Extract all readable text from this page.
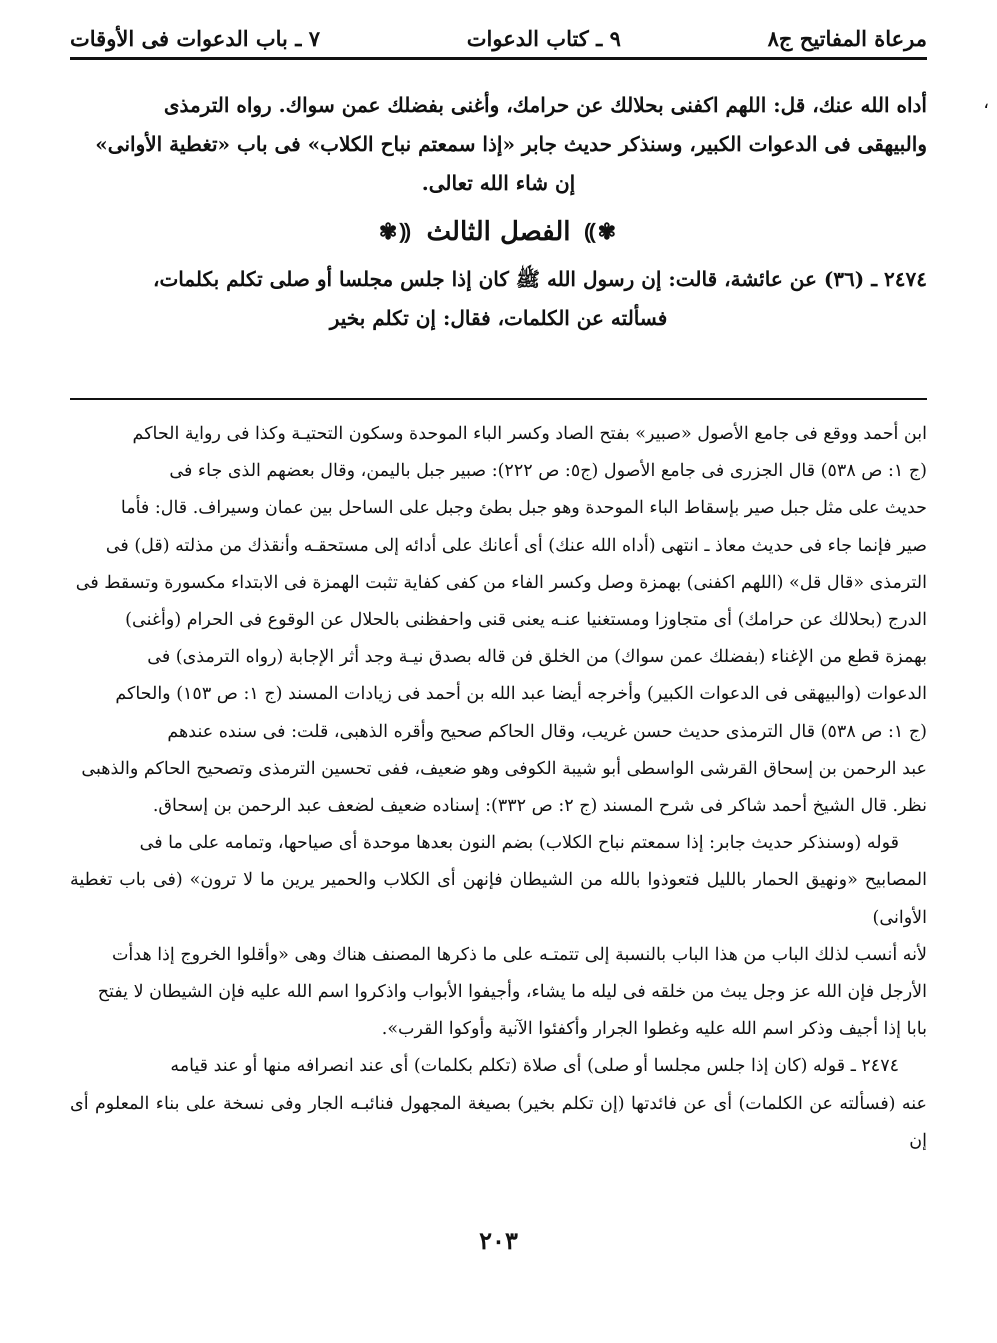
مرعاة المفاتيح ج٨
٩ ـ كتاب الدعوات
٧ ـ باب الدعوات فى الأوقات
،

أداه الله عنك، قل: اللهم اكفنى بحلالك عن حرامك، وأغنى بفضلك عمن سواك. رواه الترمذى

والبيهقى فى الدعوات الكبير، وسنذكر حديث جابر «إذا سمعتم نباح الكلاب» فى باب «تغطية الأوانى»

إن شاء الله تعالى.

✾⸩
الفصل الثالث
⸨✾

٢٤٧٤ ـ (٣٦) عن عائشة، قالت: إن رسول الله ﷺ كان إذا جلس مجلسا أو صلى تكلم بكلمات،

فسألته عن الكلمات، فقال: إن تكلم بخير

ابن أحمد ووقع فى جامع الأصول «صبير» بفتح الصاد وكسر الباء الموحدة وسكون التحتيـة وكذا فى رواية الحاكم

(ج ١: ص ٥٣٨) قال الجزرى فى جامع الأصول (ج٥: ص ٢٢٢): صبير جبل باليمن، وقال بعضهم الذى جاء فى

حديث على مثل جبل صير بإسقاط الباء الموحدة وهو جبل بطئ وجبل على الساحل بين عمان وسيراف. قال: فأما

صير فإنما جاء فى حديث معاذ ـ انتهى (أداه الله عنك) أى أعانك على أدائه إلى مستحقـه وأنقذك من مذلته (قل) فى

الترمذى «قال قل» (اللهم اكفنى) بهمزة وصل وكسر الفاء من كفى كفاية تثبت الهمزة فى الابتداء مكسورة وتسقط فى

الدرج (بحلالك عن حرامك) أى متجاوزا ومستغنيا عنـه يعنى قنى واحفظنى بالحلال عن الوقوع فى الحرام (وأغنى)

بهمزة قطع من الإغناء (بفضلك عمن سواك) من الخلق فن قاله بصدق نيـة وجد أثر الإجابة (رواه الترمذى) فى

الدعوات (والبيهقى فى الدعوات الكبير) وأخرجه أيضا عبد الله بن أحمد فى زيادات المسند (ج ١: ص ١٥٣) والحاكم

(ج ١: ص ٥٣٨) قال الترمذى حديث حسن غريب، وقال الحاكم صحيح وأقره الذهبى، قلت: فى سنده عندهم

عبد الرحمن بن إسحاق القرشى الواسطى أبو شيبة الكوفى وهو ضعيف، ففى تحسين الترمذى وتصحيح الحاكم والذهبى

نظر. قال الشيخ أحمد شاكر فى شرح المسند (ج ٢: ص ٣٣٢): إسناده ضعيف لضعف عبد الرحمن بن إسحاق.

قوله (وسنذكر حديث جابر: إذا سمعتم نباح الكلاب) بضم النون بعدها موحدة أى صياحها، وتمامه على ما فى

المصابيح «ونهيق الحمار بالليل فتعوذوا بالله من الشيطان فإنهن أى الكلاب والحمير يرين ما لا ترون» (فى باب تغطية الأوانى)

لأنه أنسب لذلك الباب من هذا الباب بالنسبة إلى تتمتـه على ما ذكرها المصنف هناك وهى «وأقلوا الخروج إذا هدأت

الأرجل فإن الله عز وجل يبث من خلقه فى ليله ما يشاء، وأجيفوا الأبواب واذكروا اسم الله عليه فإن الشيطان لا يفتح

بابا إذا أجيف وذكر اسم الله عليه وغطوا الجرار وأكفئوا الآنية وأوكوا القرب».

٢٤٧٤ ـ قوله (كان إذا جلس مجلسا أو صلى) أى صلاة (تكلم بكلمات) أى عند انصرافه منها أو عند قيامه

عنه (فسألته عن الكلمات) أى عن فائدتها (إن تكلم بخير) بصيغة المجهول فنائبـه الجار وفى نسخة على بناء المعلوم أى إن

٢٠٣
